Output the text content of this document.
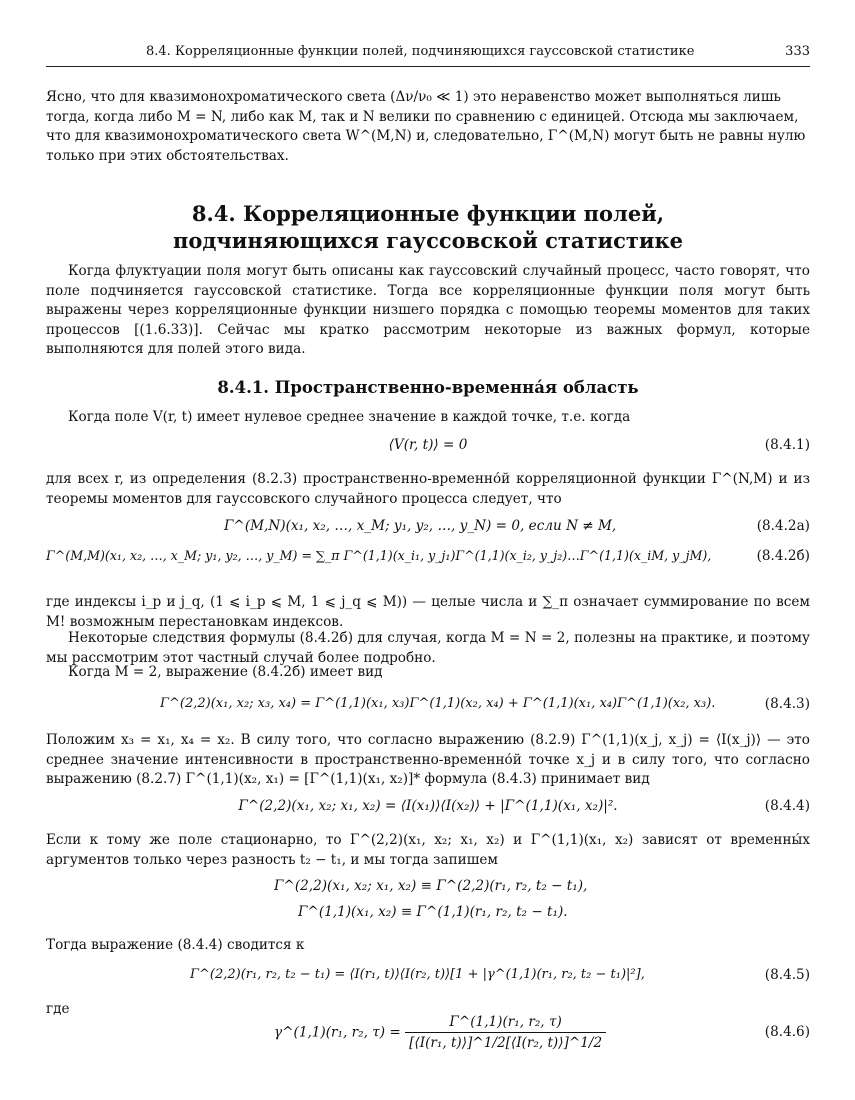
8.4. Корреляционные функции полей, подчиняющихся гауссовской статистике	333
Ясно, что для квазимонохроматического света (Δν/ν₀ ≪ 1) это неравенство может выполняться лишь
тогда, когда либо M = N, либо как M, так и N велики по сравнению с единицей. Отсюда мы заключаем,
что для квазимонохроматического света W^(M,N) и, следовательно, Γ^(M,N) могут быть не равны нулю
только при этих обстоятельствах.
8.4. Корреляционные функции полей,
подчиняющихся гауссовской статистике
Когда флуктуации поля могут быть описаны как гауссовский случайный процесс, часто говорят, что поле подчиняется гауссовской статистике. Тогда все корреляционные функции поля могут быть выражены через корреляционные функции низшего порядка с помощью теоремы моментов для таких процессов [(1.6.33)]. Сейчас мы кратко рассмотрим некоторые из важных формул, которые выполняются для полей этого вида.
8.4.1. Пространственно-временна́я область
Когда поле V(r, t) имеет нулевое среднее значение в каждой точке, т.е. когда
⟨V(r, t)⟩ = 0	(8.4.1)
для всех r, из определения (8.2.3) пространственно-временно́й корреляционной функции Γ^(N,M) и из теоремы моментов для гауссовского случайного процесса следует, что
Γ^(M,N)(x₁, x₂, …, x_M; y₁, y₂, …, y_N) = 0, если N ≠ M,	(8.4.2а)
Γ^(M,M)(x₁, x₂, …, x_M; y₁, y₂, …, y_M) = ∑_π Γ^(1,1)(x_i₁, y_j₁)Γ^(1,1)(x_i₂, y_j₂)…Γ^(1,1)(x_iM, y_jM),	(8.4.2б)
где индексы i_p и j_q, (1 ⩽ i_p ⩽ M, 1 ⩽ j_q ⩽ M)) — целые числа и ∑_π означает суммирование по всем M! возможным перестановкам индексов.
Некоторые следствия формулы (8.4.2б) для случая, когда M = N = 2, полезны на практике, и поэтому мы рассмотрим этот частный случай более подробно.
Когда M = 2, выражение (8.4.2б) имеет вид
Γ^(2,2)(x₁, x₂; x₃, x₄) = Γ^(1,1)(x₁, x₃)Γ^(1,1)(x₂, x₄) + Γ^(1,1)(x₁, x₄)Γ^(1,1)(x₂, x₃).	(8.4.3)
Положим x₃ = x₁, x₄ = x₂. В силу того, что согласно выражению (8.2.9) Γ^(1,1)(x_j, x_j) = ⟨I(x_j)⟩ — это среднее значение интенсивности в пространственно-временно́й точке x_j и в силу того, что согласно выражению (8.2.7) Γ^(1,1)(x₂, x₁) = [Γ^(1,1)(x₁, x₂)]* формула (8.4.3) принимает вид
Γ^(2,2)(x₁, x₂; x₁, x₂) = ⟨I(x₁)⟩⟨I(x₂)⟩ + |Γ^(1,1)(x₁, x₂)|².	(8.4.4)
Если к тому же поле стационарно, то Γ^(2,2)(x₁, x₂; x₁, x₂) и Γ^(1,1)(x₁, x₂) зависят от временны́х аргументов только через разность t₂ − t₁, и мы тогда запишем
Γ^(2,2)(x₁, x₂; x₁, x₂) ≡ Γ^(2,2)(r₁, r₂, t₂ − t₁),
Γ^(1,1)(x₁, x₂) ≡ Γ^(1,1)(r₁, r₂, t₂ − t₁).
Тогда выражение (8.4.4) сводится к
Γ^(2,2)(r₁, r₂, t₂ − t₁) = ⟨I(r₁, t)⟩⟨I(r₂, t)⟩[1 + |γ^(1,1)(r₁, r₂, t₂ − t₁)|²],	(8.4.5)
где
γ^(1,1)(r₁, r₂, $\tau) = \frac{\text{Γ\textasciicircum{}(1,1)(r₁, r₂, τ)}}{\text{[⟨I(r₁, t)⟩]\textasciicircum{}1/2[⟨I(r₂, t)⟩]\textasciicircum{}1/2}}$	(8.4.6)
